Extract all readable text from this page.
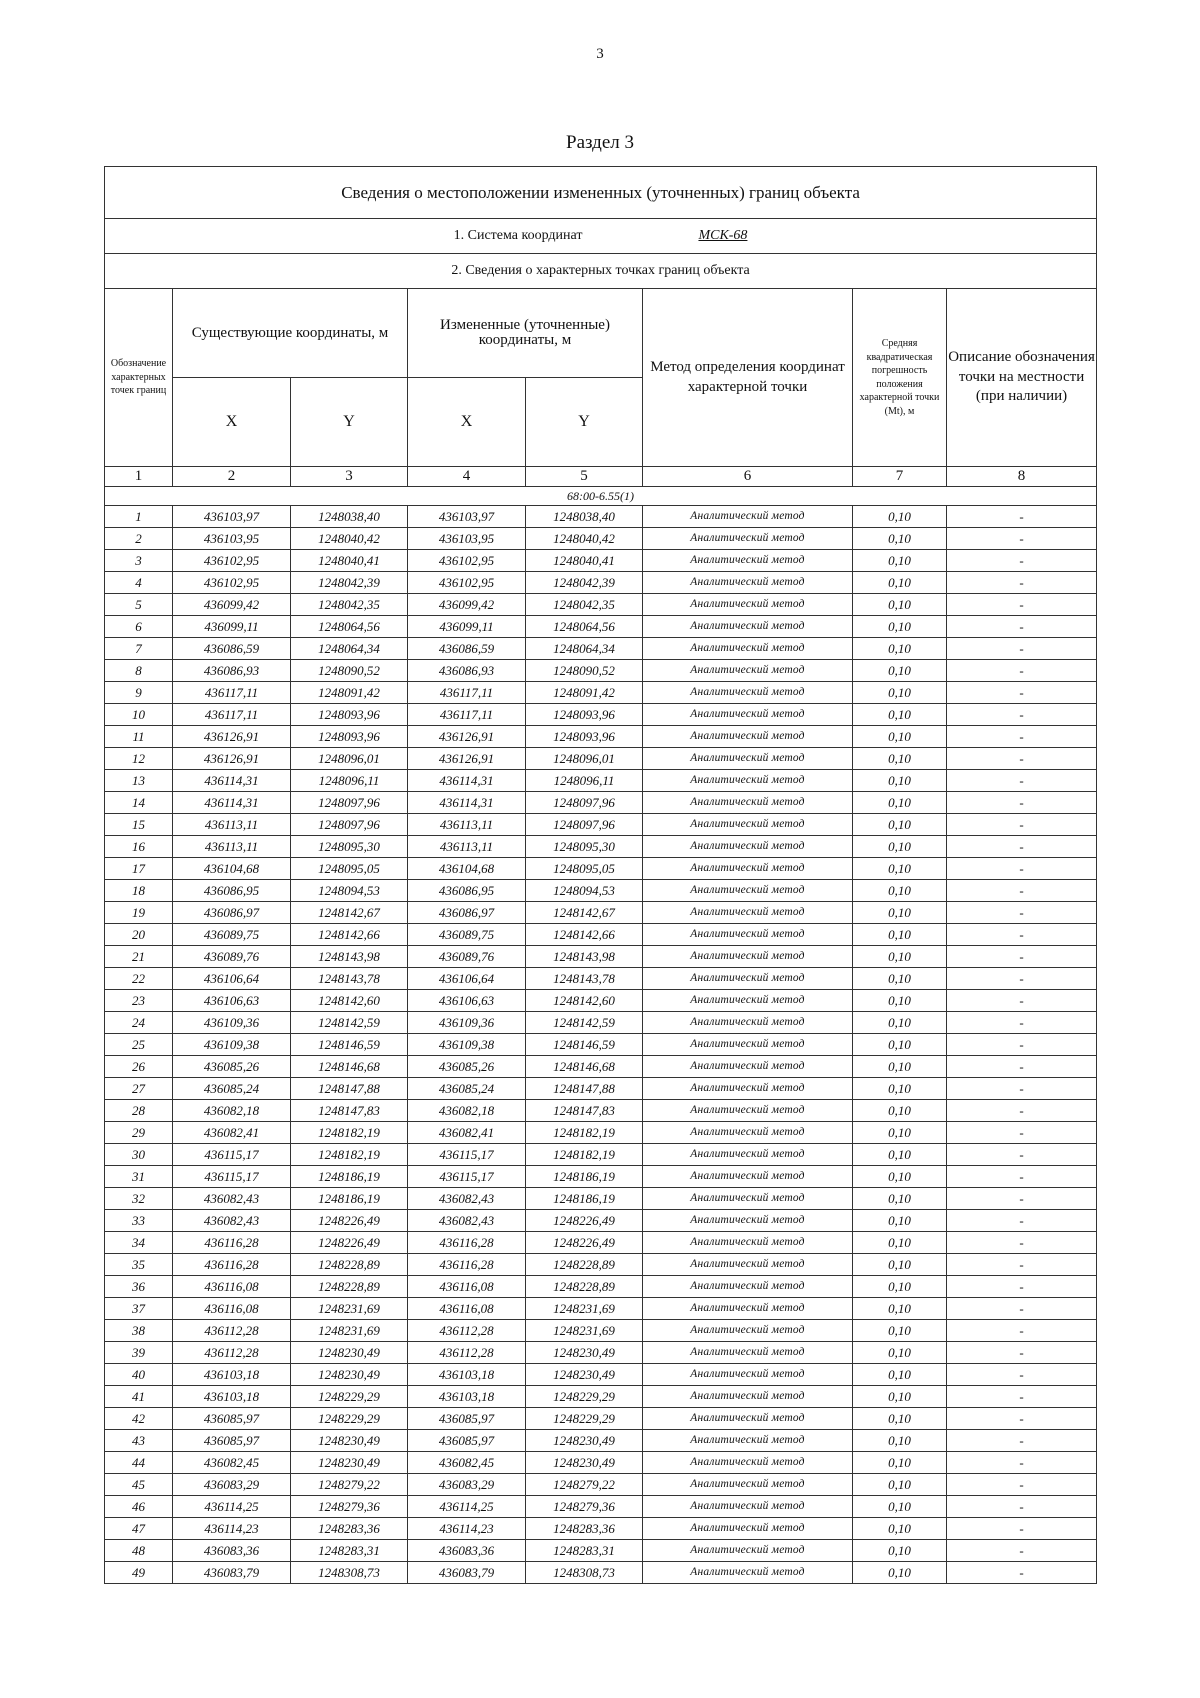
3
Раздел 3
Сведения о местоположении измененных (уточненных) границ объекта							
1. Система координат МСК-68							
2. Сведения о характерных точках границ объекта							
Обозначение характерных точек границ	Существующие координаты, м		Измененные (уточненные) координаты, м		Метод определения координат характерной точки	Средняя квадратическая погрешность положения характерной точки (Mt), м	Описание обозначения точки на местности (при наличии)
	X	Y	X	Y			
1	2	3	4	5	6	7	8
68:00-6.55(1)							
1	436103,97	1248038,40	436103,97	1248038,40	Аналитический метод	0,10	-
2	436103,95	1248040,42	436103,95	1248040,42	Аналитический метод	0,10	-
3	436102,95	1248040,41	436102,95	1248040,41	Аналитический метод	0,10	-
4	436102,95	1248042,39	436102,95	1248042,39	Аналитический метод	0,10	-
5	436099,42	1248042,35	436099,42	1248042,35	Аналитический метод	0,10	-
6	436099,11	1248064,56	436099,11	1248064,56	Аналитический метод	0,10	-
7	436086,59	1248064,34	436086,59	1248064,34	Аналитический метод	0,10	-
8	436086,93	1248090,52	436086,93	1248090,52	Аналитический метод	0,10	-
9	436117,11	1248091,42	436117,11	1248091,42	Аналитический метод	0,10	-
10	436117,11	1248093,96	436117,11	1248093,96	Аналитический метод	0,10	-
11	436126,91	1248093,96	436126,91	1248093,96	Аналитический метод	0,10	-
12	436126,91	1248096,01	436126,91	1248096,01	Аналитический метод	0,10	-
13	436114,31	1248096,11	436114,31	1248096,11	Аналитический метод	0,10	-
14	436114,31	1248097,96	436114,31	1248097,96	Аналитический метод	0,10	-
15	436113,11	1248097,96	436113,11	1248097,96	Аналитический метод	0,10	-
16	436113,11	1248095,30	436113,11	1248095,30	Аналитический метод	0,10	-
17	436104,68	1248095,05	436104,68	1248095,05	Аналитический метод	0,10	-
18	436086,95	1248094,53	436086,95	1248094,53	Аналитический метод	0,10	-
19	436086,97	1248142,67	436086,97	1248142,67	Аналитический метод	0,10	-
20	436089,75	1248142,66	436089,75	1248142,66	Аналитический метод	0,10	-
21	436089,76	1248143,98	436089,76	1248143,98	Аналитический метод	0,10	-
22	436106,64	1248143,78	436106,64	1248143,78	Аналитический метод	0,10	-
23	436106,63	1248142,60	436106,63	1248142,60	Аналитический метод	0,10	-
24	436109,36	1248142,59	436109,36	1248142,59	Аналитический метод	0,10	-
25	436109,38	1248146,59	436109,38	1248146,59	Аналитический метод	0,10	-
26	436085,26	1248146,68	436085,26	1248146,68	Аналитический метод	0,10	-
27	436085,24	1248147,88	436085,24	1248147,88	Аналитический метод	0,10	-
28	436082,18	1248147,83	436082,18	1248147,83	Аналитический метод	0,10	-
29	436082,41	1248182,19	436082,41	1248182,19	Аналитический метод	0,10	-
30	436115,17	1248182,19	436115,17	1248182,19	Аналитический метод	0,10	-
31	436115,17	1248186,19	436115,17	1248186,19	Аналитический метод	0,10	-
32	436082,43	1248186,19	436082,43	1248186,19	Аналитический метод	0,10	-
33	436082,43	1248226,49	436082,43	1248226,49	Аналитический метод	0,10	-
34	436116,28	1248226,49	436116,28	1248226,49	Аналитический метод	0,10	-
35	436116,28	1248228,89	436116,28	1248228,89	Аналитический метод	0,10	-
36	436116,08	1248228,89	436116,08	1248228,89	Аналитический метод	0,10	-
37	436116,08	1248231,69	436116,08	1248231,69	Аналитический метод	0,10	-
38	436112,28	1248231,69	436112,28	1248231,69	Аналитический метод	0,10	-
39	436112,28	1248230,49	436112,28	1248230,49	Аналитический метод	0,10	-
40	436103,18	1248230,49	436103,18	1248230,49	Аналитический метод	0,10	-
41	436103,18	1248229,29	436103,18	1248229,29	Аналитический метод	0,10	-
42	436085,97	1248229,29	436085,97	1248229,29	Аналитический метод	0,10	-
43	436085,97	1248230,49	436085,97	1248230,49	Аналитический метод	0,10	-
44	436082,45	1248230,49	436082,45	1248230,49	Аналитический метод	0,10	-
45	436083,29	1248279,22	436083,29	1248279,22	Аналитический метод	0,10	-
46	436114,25	1248279,36	436114,25	1248279,36	Аналитический метод	0,10	-
47	436114,23	1248283,36	436114,23	1248283,36	Аналитический метод	0,10	-
48	436083,36	1248283,31	436083,36	1248283,31	Аналитический метод	0,10	-
49	436083,79	1248308,73	436083,79	1248308,73	Аналитический метод	0,10	-
